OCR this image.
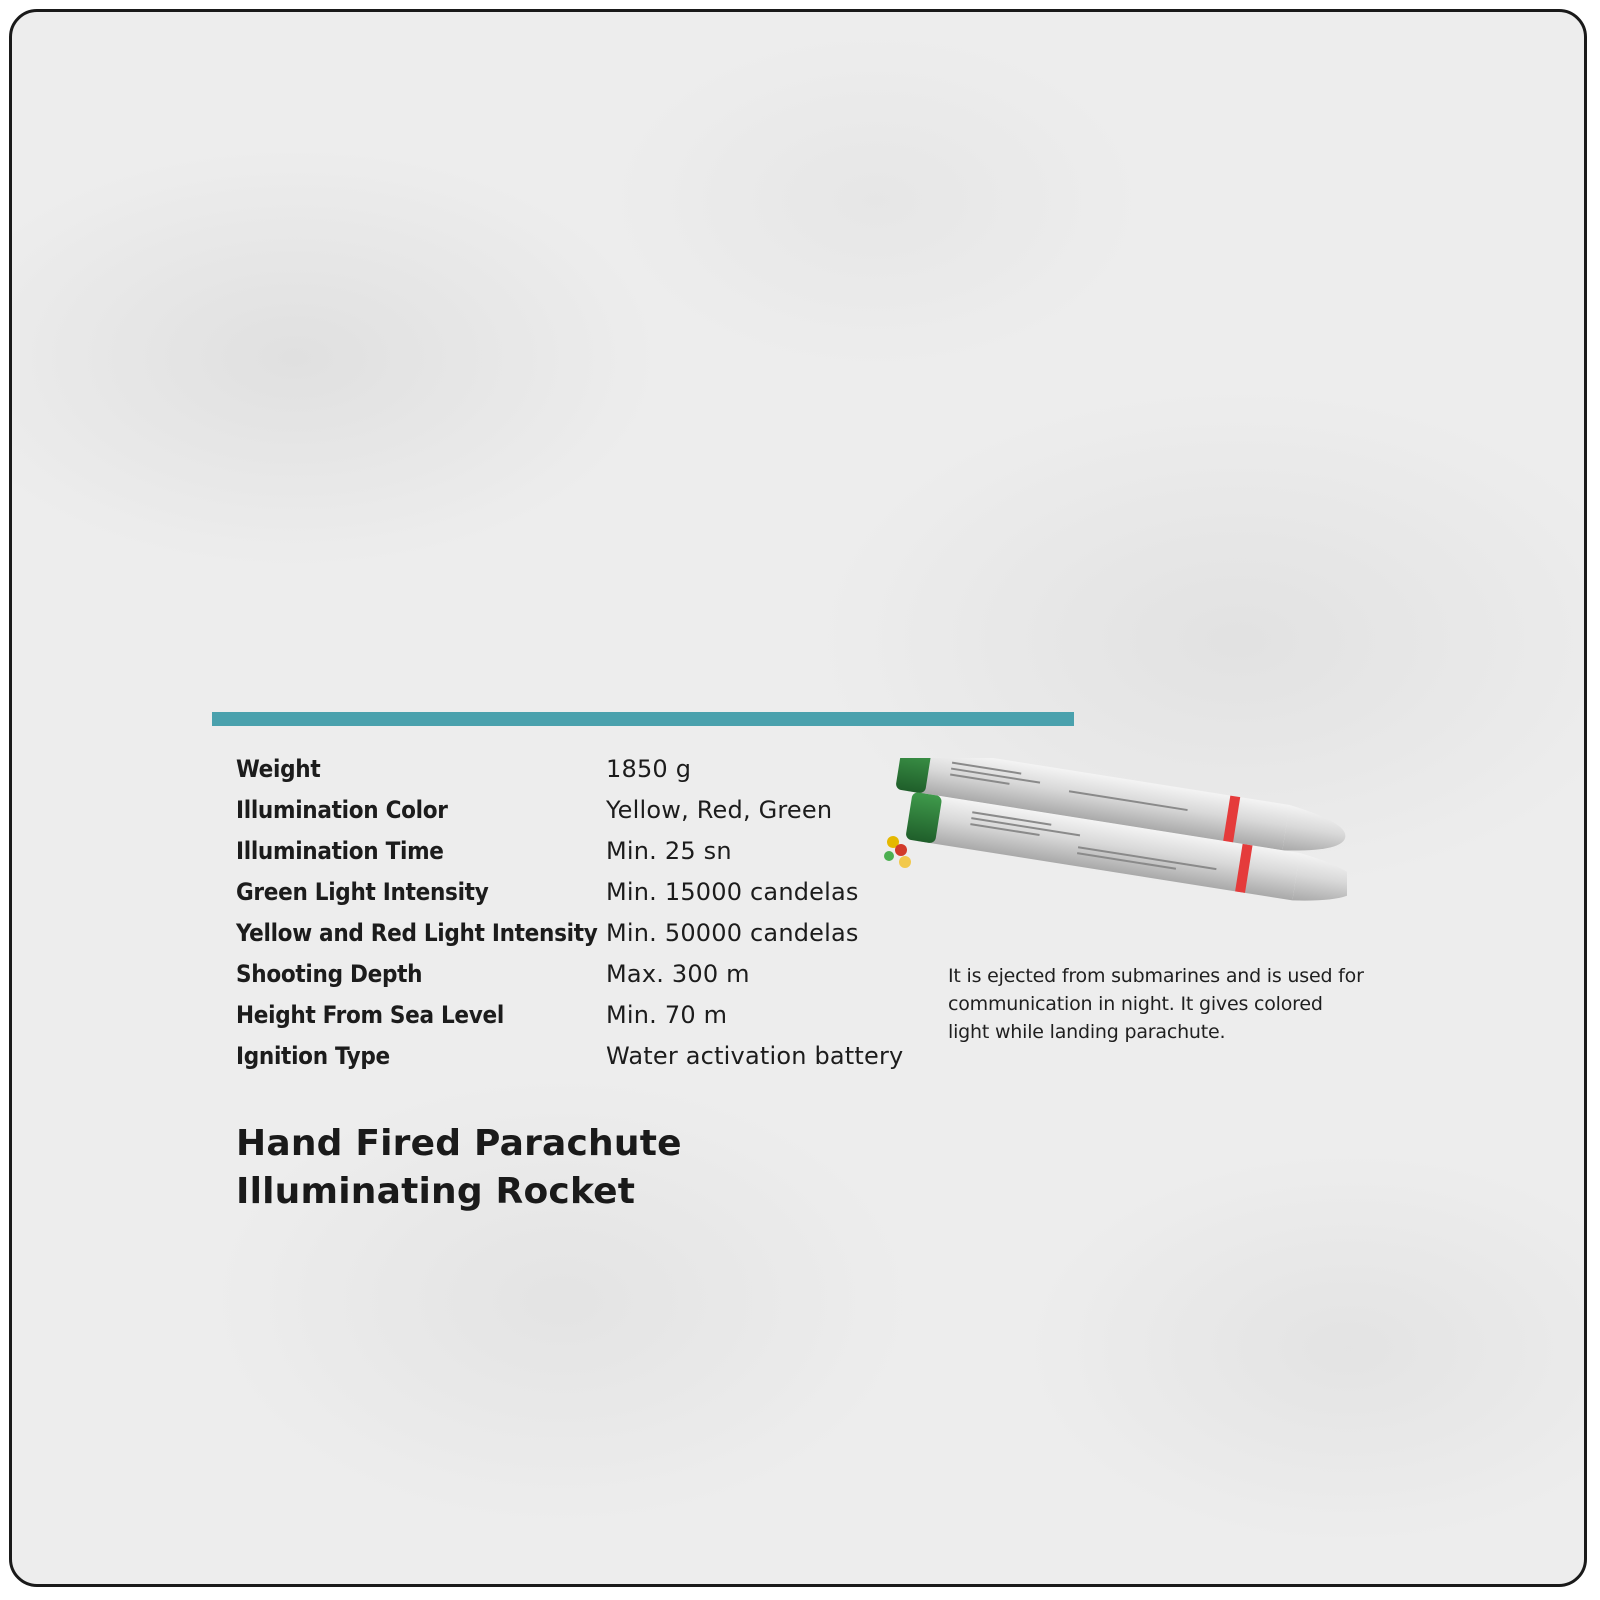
Weight	1850 g
Illumination Color	Yellow, Red, Green
Illumination Time	Min. 25 sn
Green Light Intensity	Min. 15000 candelas
Yellow and Red Light Intensity Min. 50000 candelas
Shooting Depth	Max. 300 m
Height From Sea Level	Min. 70 m
Ignition Type	Water activation battery
It is ejected from submarines and is used for communication in night. It gives colored light while landing parachute.
Hand Fired Parachute
Illuminating Rocket
